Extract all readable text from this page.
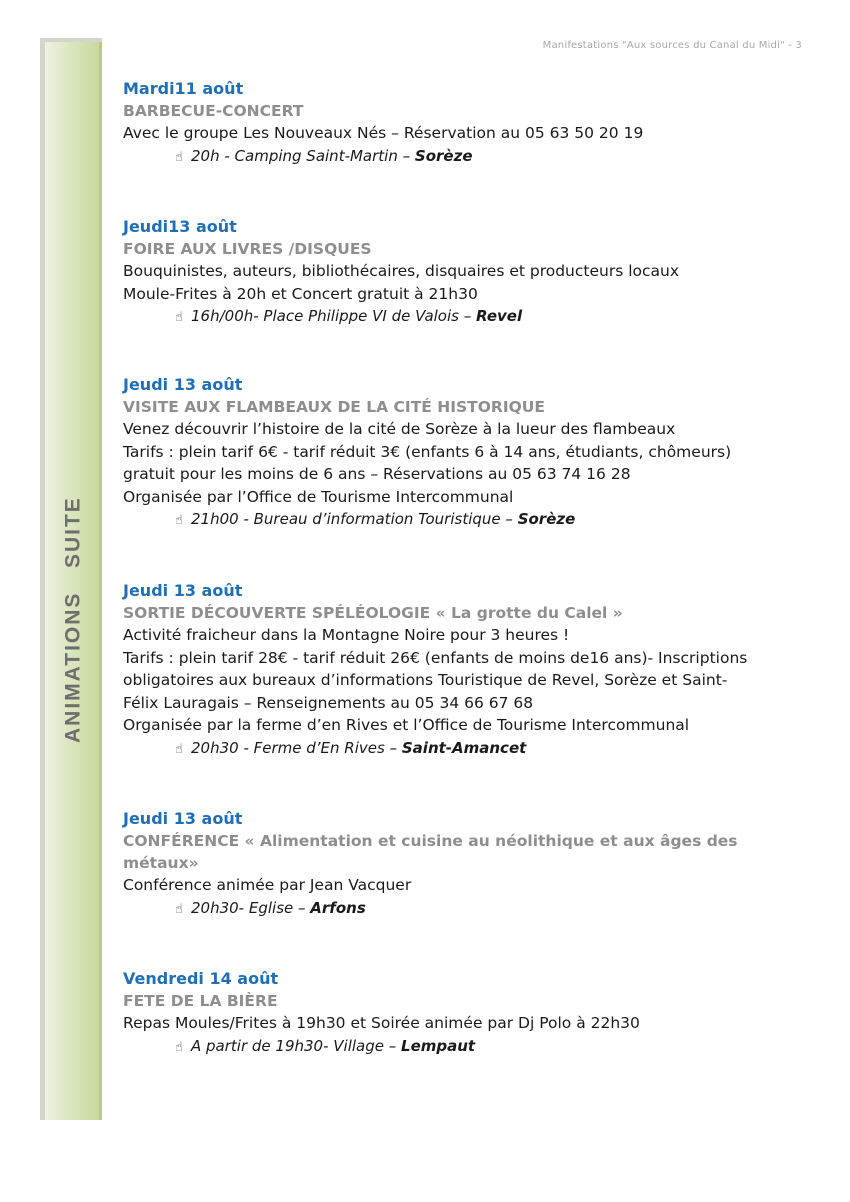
Manifestations "Aux sources du Canal du Midi" - 3
ANIMATIONS   SUITE
Mardi11 août
BARBECUE-CONCERT
Avec le groupe Les Nouveaux Nés – Réservation au 05 63 50 20 19
☝ 20h - Camping Saint-Martin – Sorèze
Jeudi13 août
FOIRE AUX LIVRES /DISQUES
Bouquinistes, auteurs, bibliothécaires, disquaires et producteurs locaux
Moule-Frites à 20h et Concert gratuit à 21h30
☝ 16h/00h- Place Philippe VI de Valois – Revel
Jeudi 13 août
VISITE AUX FLAMBEAUX DE LA CITÉ HISTORIQUE
Venez découvrir l’histoire de la cité de Sorèze à la lueur des flambeaux
Tarifs : plein tarif 6€ - tarif réduit 3€ (enfants 6 à 14 ans, étudiants, chômeurs)
gratuit pour les moins de 6 ans – Réservations au 05 63 74 16 28
Organisée par l’Office de Tourisme Intercommunal
☝ 21h00 - Bureau d’information Touristique – Sorèze
Jeudi 13 août
SORTIE DÉCOUVERTE SPÉLÉOLOGIE « La grotte du Calel »
Activité fraicheur dans la Montagne Noire pour 3 heures !
Tarifs : plein tarif 28€ - tarif réduit 26€ (enfants de moins de16 ans)- Inscriptions
obligatoires aux bureaux d’informations Touristique de Revel, Sorèze et Saint-
Félix Lauragais – Renseignements au 05 34 66 67 68
Organisée par la ferme d’en Rives et l’Office de Tourisme Intercommunal
☝ 20h30 - Ferme d’En Rives – Saint-Amancet
Jeudi 13 août
CONFÉRENCE « Alimentation et cuisine au néolithique et aux âges des métaux»
Conférence animée par Jean Vacquer
☝ 20h30- Eglise – Arfons
Vendredi 14 août
FETE DE LA BIÈRE
Repas Moules/Frites à 19h30 et Soirée animée par Dj Polo à 22h30
☝ A partir de 19h30- Village – Lempaut
